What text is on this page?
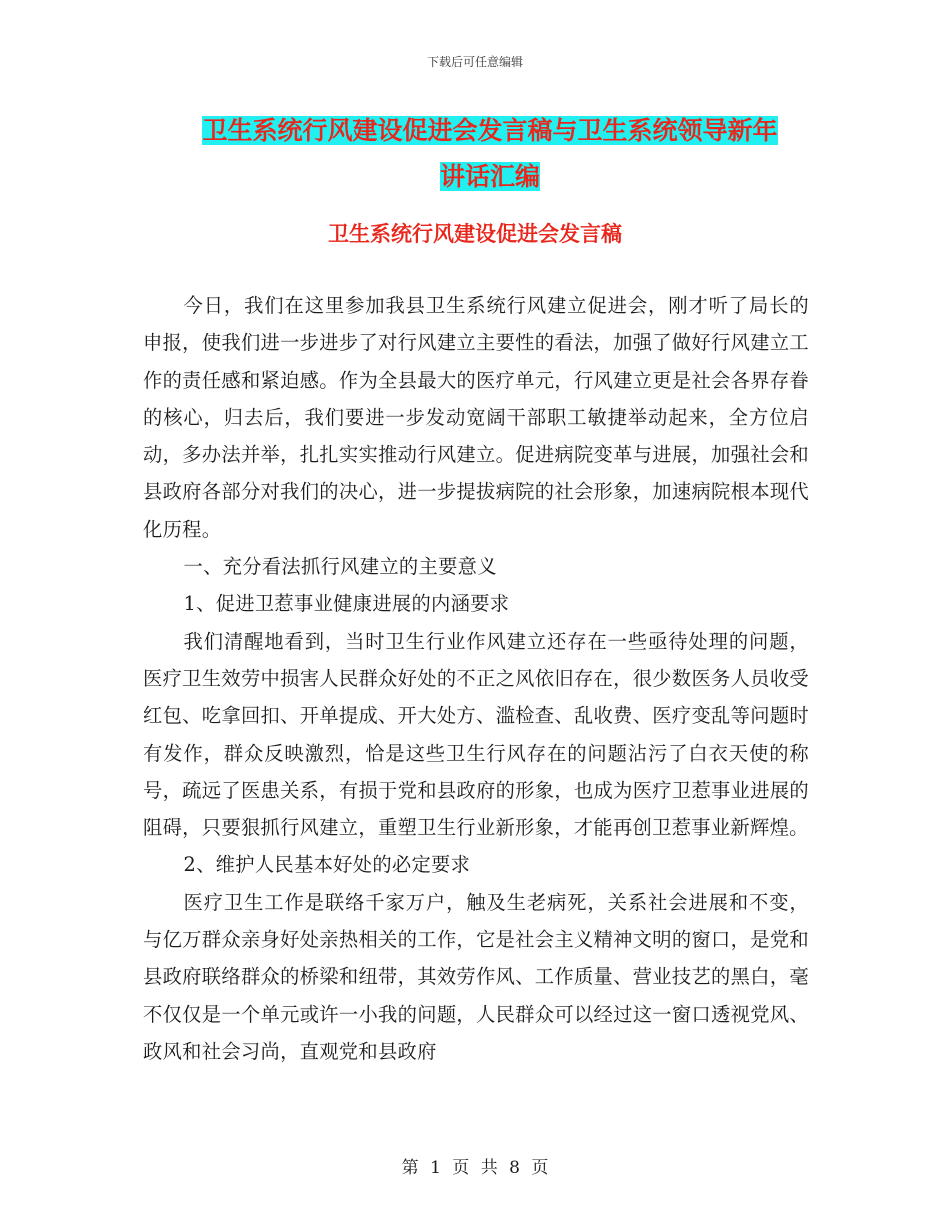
下载后可任意编辑
卫生系统行风建设促进会发言稿与卫生系统领导新年
讲话汇编
卫生系统行风建设促进会发言稿

今日，我们在这里参加我县卫生系统行风建立促进会，刚才听了局长的申报，使我们进一步进步了对行风建立主要性的看法，加强了做好行风建立工作的责任感和紧迫感。作为全县最大的医疗单元，行风建立更是社会各界存眷的核心，归去后，我们要进一步发动宽阔干部职工敏捷举动起来，全方位启动，多办法并举，扎扎实实推动行风建立。促进病院变革与进展，加强社会和县政府各部分对我们的决心，进一步提拔病院的社会形象，加速病院根本现代化历程。

一、充分看法抓行风建立的主要意义

1、促进卫惹事业健康进展的内涵要求

我们清醒地看到，当时卫生行业作风建立还存在一些亟待处理的问题，医疗卫生效劳中损害人民群众好处的不正之风依旧存在，很少数医务人员收受红包、吃拿回扣、开单提成、开大处方、滥检查、乱收费、医疗变乱等问题时有发作，群众反映激烈，恰是这些卫生行风存在的问题沾污了白衣天使的称号，疏远了医患关系，有损于党和县政府的形象，也成为医疗卫惹事业进展的阻碍，只要狠抓行风建立，重塑卫生行业新形象，才能再创卫惹事业新辉煌。

2、维护人民基本好处的必定要求

医疗卫生工作是联络千家万户，触及生老病死，关系社会进展和不变，与亿万群众亲身好处亲热相关的工作，它是社会主义精神文明的窗口，是党和县政府联络群众的桥梁和纽带，其效劳作风、工作质量、营业技艺的黑白，毫不仅仅是一个单元或许一小我的问题，人民群众可以经过这一窗口透视党风、政风和社会习尚，直观党和县政府

第 1 页 共 8 页
